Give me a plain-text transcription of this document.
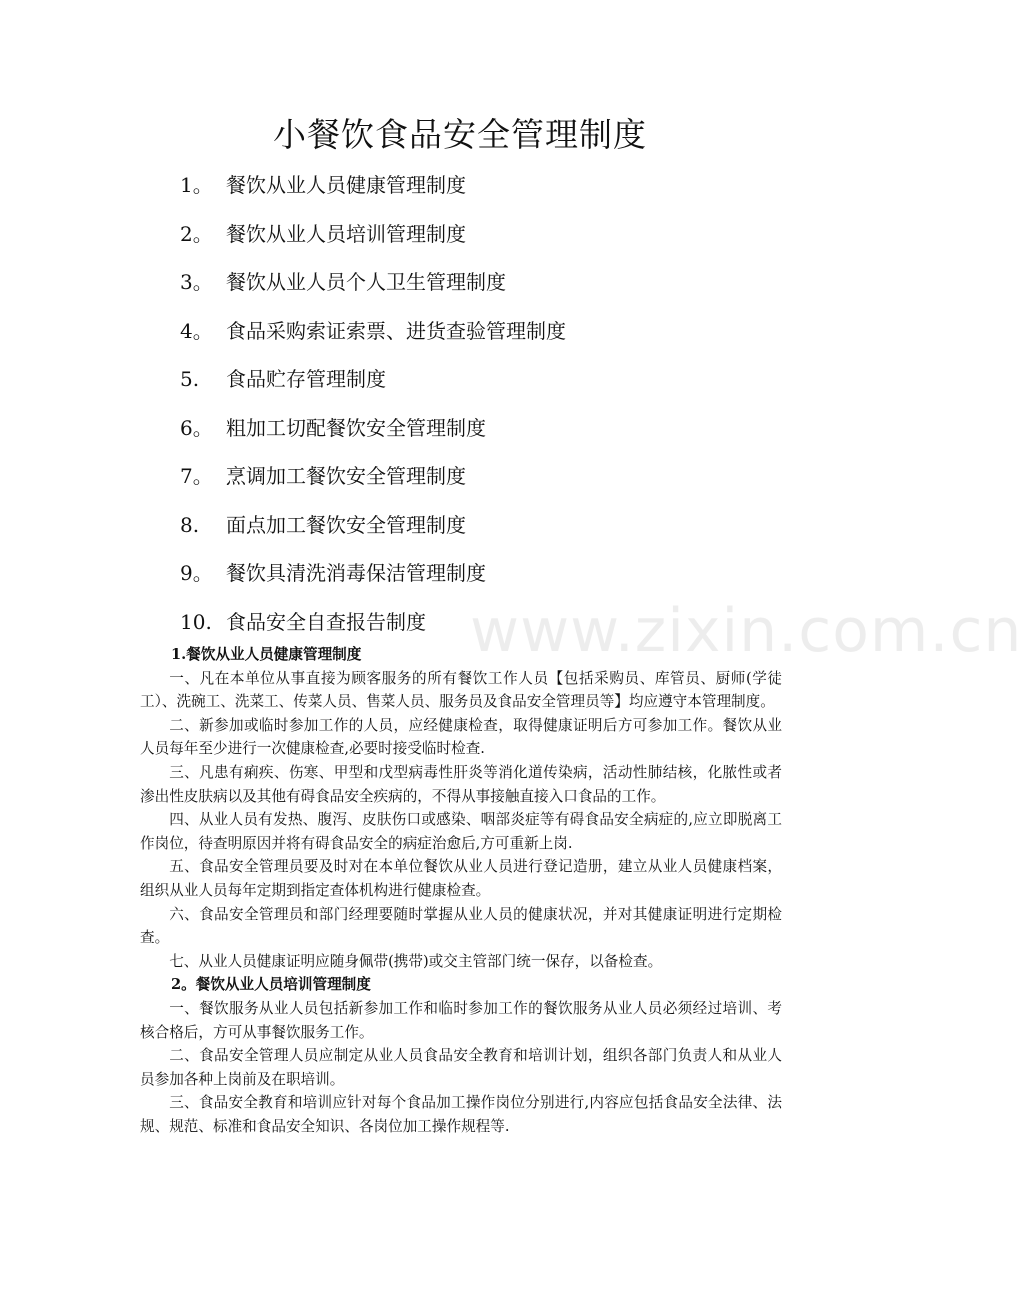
小餐饮食品安全管理制度
1。 餐饮从业人员健康管理制度
2。 餐饮从业人员培训管理制度
3。 餐饮从业人员个人卫生管理制度
4。 食品采购索证索票、进货查验管理制度
5. 食品贮存管理制度
6。 粗加工切配餐饮安全管理制度
7。 烹调加工餐饮安全管理制度
8. 面点加工餐饮安全管理制度
9。 餐饮具清洗消毒保洁管理制度
10. 食品安全自查报告制度 www.zixin.com.cn

1.餐饮从业人员健康管理制度

一、凡在本单位从事直接为顾客服务的所有餐饮工作人员【包括采购员、库管员、厨师(学徒工）、洗碗工、洗菜工、传菜人员、售菜人员、服务员及食品安全管理员等】均应遵守本管理制度。

二、新参加或临时参加工作的人员，应经健康检查，取得健康证明后方可参加工作。餐饮从业人员每年至少进行一次健康检查,必要时接受临时检查.

三、凡患有痢疾、伤寒、甲型和戊型病毒性肝炎等消化道传染病，活动性肺结核，化脓性或者渗出性皮肤病以及其他有碍食品安全疾病的，不得从事接触直接入口食品的工作。

四、从业人员有发热、腹泻、皮肤伤口或感染、咽部炎症等有碍食品安全病症的,应立即脱离工作岗位，待查明原因并将有碍食品安全的病症治愈后,方可重新上岗.

五、食品安全管理员要及时对在本单位餐饮从业人员进行登记造册，建立从业人员健康档案，组织从业人员每年定期到指定查体机构进行健康检查。

六、食品安全管理员和部门经理要随时掌握从业人员的健康状况，并对其健康证明进行定期检查。

七、从业人员健康证明应随身佩带(携带)或交主管部门统一保存，以备检查。

2。餐饮从业人员培训管理制度

一、餐饮服务从业人员包括新参加工作和临时参加工作的餐饮服务从业人员必须经过培训、考核合格后，方可从事餐饮服务工作。

二、食品安全管理人员应制定从业人员食品安全教育和培训计划，组织各部门负责人和从业人员参加各种上岗前及在职培训。

三、食品安全教育和培训应针对每个食品加工操作岗位分别进行,内容应包括食品安全法律、法规、规范、标准和食品安全知识、各岗位加工操作规程等.
